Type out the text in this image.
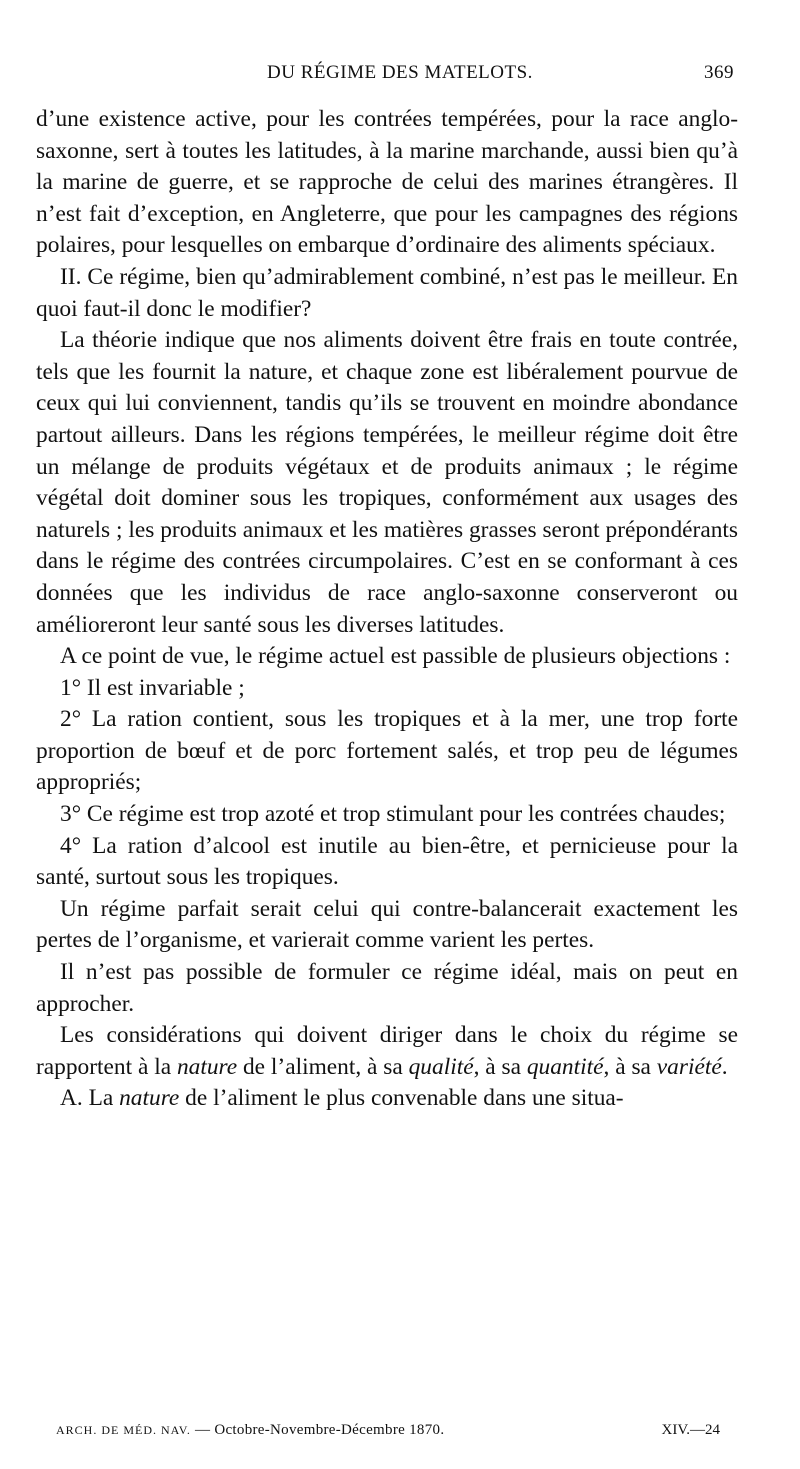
DU RÉGIME DES MATELOTS.	369

d’une existence active, pour les contrées tempérées, pour la race anglo-saxonne, sert à toutes les latitudes, à la marine marchande, aussi bien qu’à la marine de guerre, et se rapproche de celui des marines étrangères. Il n’est fait d’exception, en Angleterre, que pour les campagnes des régions polaires, pour lesquelles on embarque d’ordinaire des aliments spéciaux.

II. Ce régime, bien qu’admirablement combiné, n’est pas le meilleur. En quoi faut-il donc le modifier?

La théorie indique que nos aliments doivent être frais en toute contrée, tels que les fournit la nature, et chaque zone est libéralement pourvue de ceux qui lui conviennent, tandis qu’ils se trouvent en moindre abondance partout ailleurs. Dans les régions tempérées, le meilleur régime doit être un mélange de produits végétaux et de produits animaux ; le régime végétal doit dominer sous les tropiques, conformément aux usages des naturels ; les produits animaux et les matières grasses seront prépondérants dans le régime des contrées circumpolaires. C’est en se conformant à ces données que les individus de race anglo-saxonne conserveront ou amélioreront leur santé sous les diverses latitudes.

A ce point de vue, le régime actuel est passible de plusieurs objections :

1° Il est invariable ;

2° La ration contient, sous les tropiques et à la mer, une trop forte proportion de bœuf et de porc fortement salés, et trop peu de légumes appropriés;

3° Ce régime est trop azoté et trop stimulant pour les contrées chaudes;

4° La ration d’alcool est inutile au bien-être, et pernicieuse pour la santé, surtout sous les tropiques.

Un régime parfait serait celui qui contre-balancerait exactement les pertes de l’organisme, et varierait comme varient les pertes.

Il n’est pas possible de formuler ce régime idéal, mais on peut en approcher.

Les considérations qui doivent diriger dans le choix du régime se rapportent à la nature de l’aliment, à sa qualité, à sa quantité, à sa variété.

A. La nature de l’aliment le plus convenable dans une situa-

ARCH. DE MÉD. NAV. — Octobre-Novembre-Décembre 1870.	XIV.—24
